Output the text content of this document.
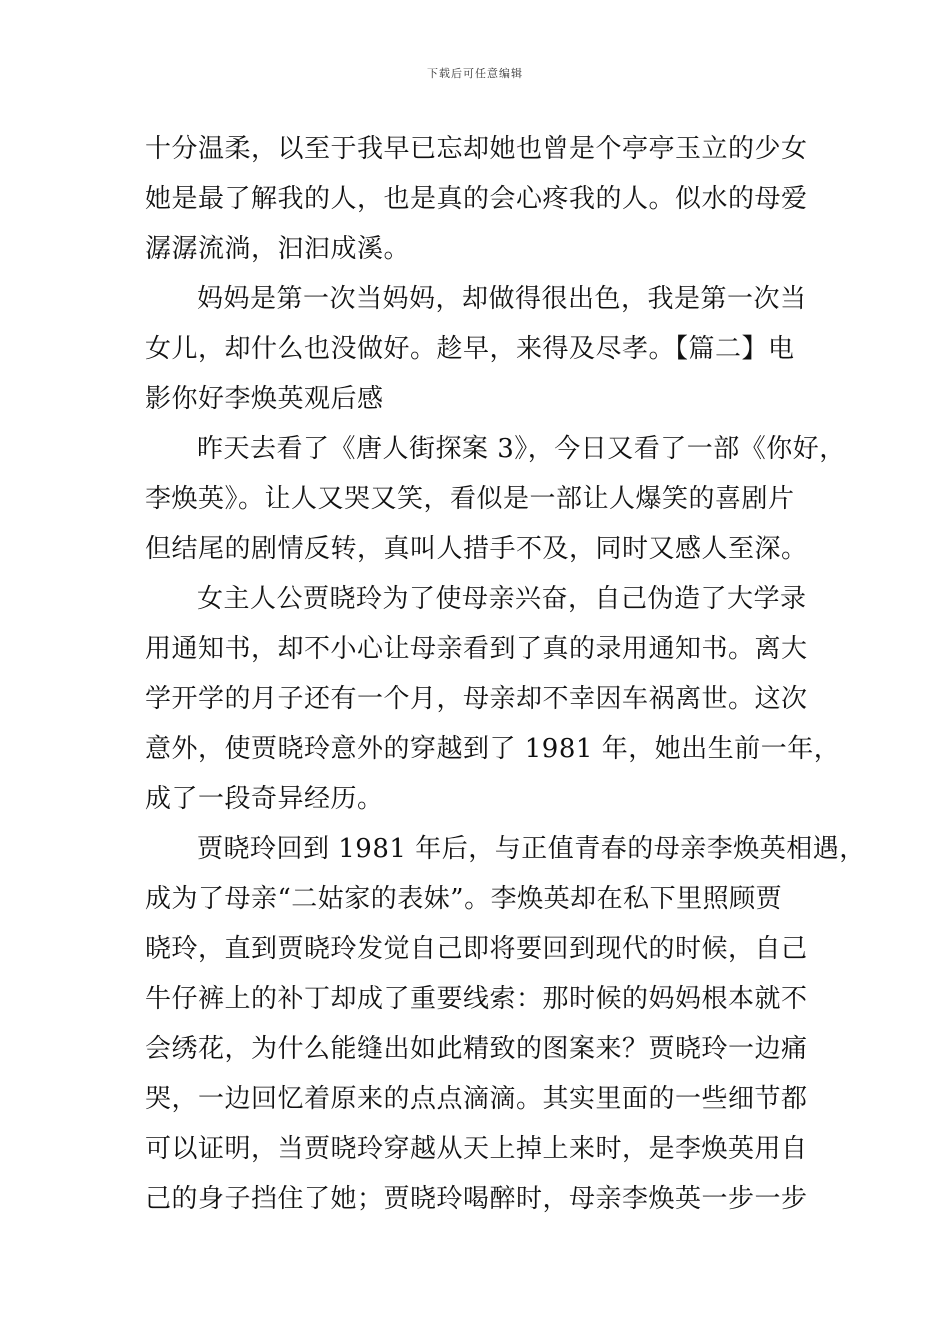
下载后可任意编辑
十分温柔，以至于我早已忘却她也曾是个亭亭玉立的少女
她是最了解我的人，也是真的会心疼我的人。似水的母爱
潺潺流淌，汩汩成溪。
妈妈是第一次当妈妈，却做得很出色，我是第一次当
女儿，却什么也没做好。趁早，来得及尽孝。【篇二】电
影你好李焕英观后感
昨天去看了《唐人街探案 3》，今日又看了一部《你好，
李焕英》。让人又哭又笑，看似是一部让人爆笑的喜剧片
但结尾的剧情反转，真叫人措手不及，同时又感人至深。
女主人公贾晓玲为了使母亲兴奋，自己伪造了大学录
用通知书，却不小心让母亲看到了真的录用通知书。离大
学开学的月子还有一个月，母亲却不幸因车祸离世。这次
意外，使贾晓玲意外的穿越到了 1981 年，她出生前一年，
成了一段奇异经历。
贾晓玲回到 1981 年后，与正值青春的母亲李焕英相遇，
成为了母亲“二姑家的表妹”。李焕英却在私下里照顾贾
晓玲，直到贾晓玲发觉自己即将要回到现代的时候，自己
牛仔裤上的补丁却成了重要线索：那时候的妈妈根本就不
会绣花，为什么能缝出如此精致的图案来？贾晓玲一边痛
哭，一边回忆着原来的点点滴滴。其实里面的一些细节都
可以证明，当贾晓玲穿越从天上掉上来时，是李焕英用自
己的身子挡住了她；贾晓玲喝醉时，母亲李焕英一步一步
